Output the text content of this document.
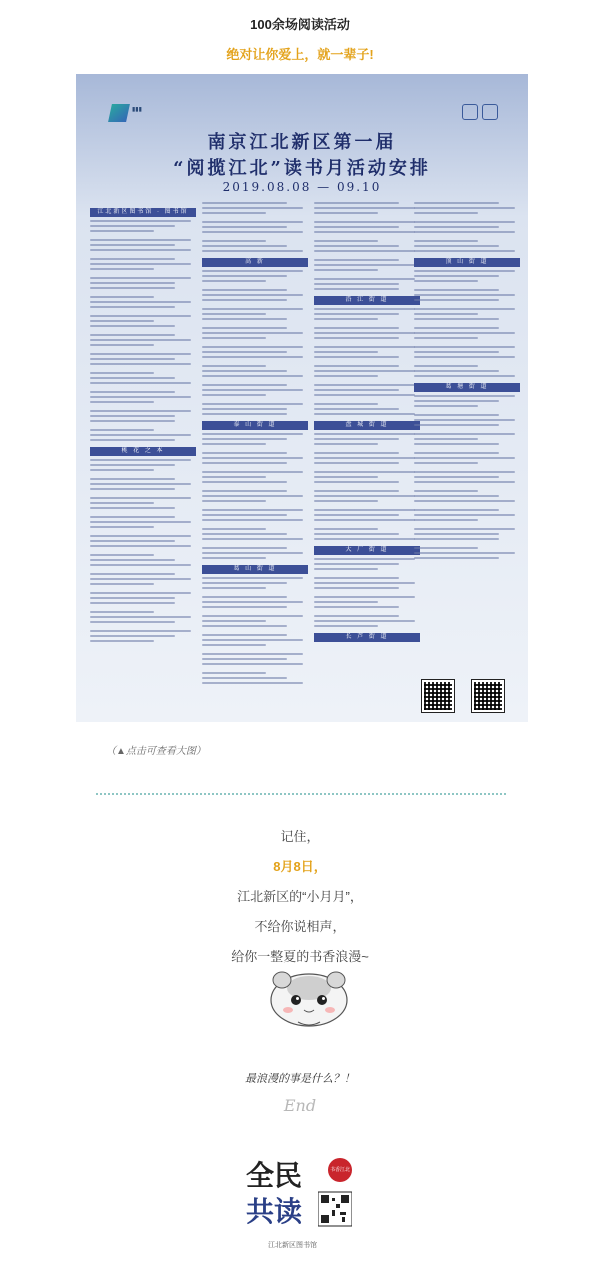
100余场阅读活动
绝对让你爱上，就一辈子!
▮▮▮
南京江北新区第一届
“阅揽江北”读书月活动安排
2019.08.08 — 09.10
江北新区图书馆 · 图书馆
桃 花 之 本
高 新
泰 山 街 道
葛 山 街 道
沿 江 街 道
盘 城 街 道
大 厂 街 道
长 芦 街 道
顶 山 街 道
葛 塘 街 道
（▲点击可查看大图）
记住，
8月8日，
江北新区的“小月月”，
不给你说相声，
给你一整夏的书香浪漫~
最浪漫的事是什么？！
End
全民
共读
书香江北
江北新区图书馆
